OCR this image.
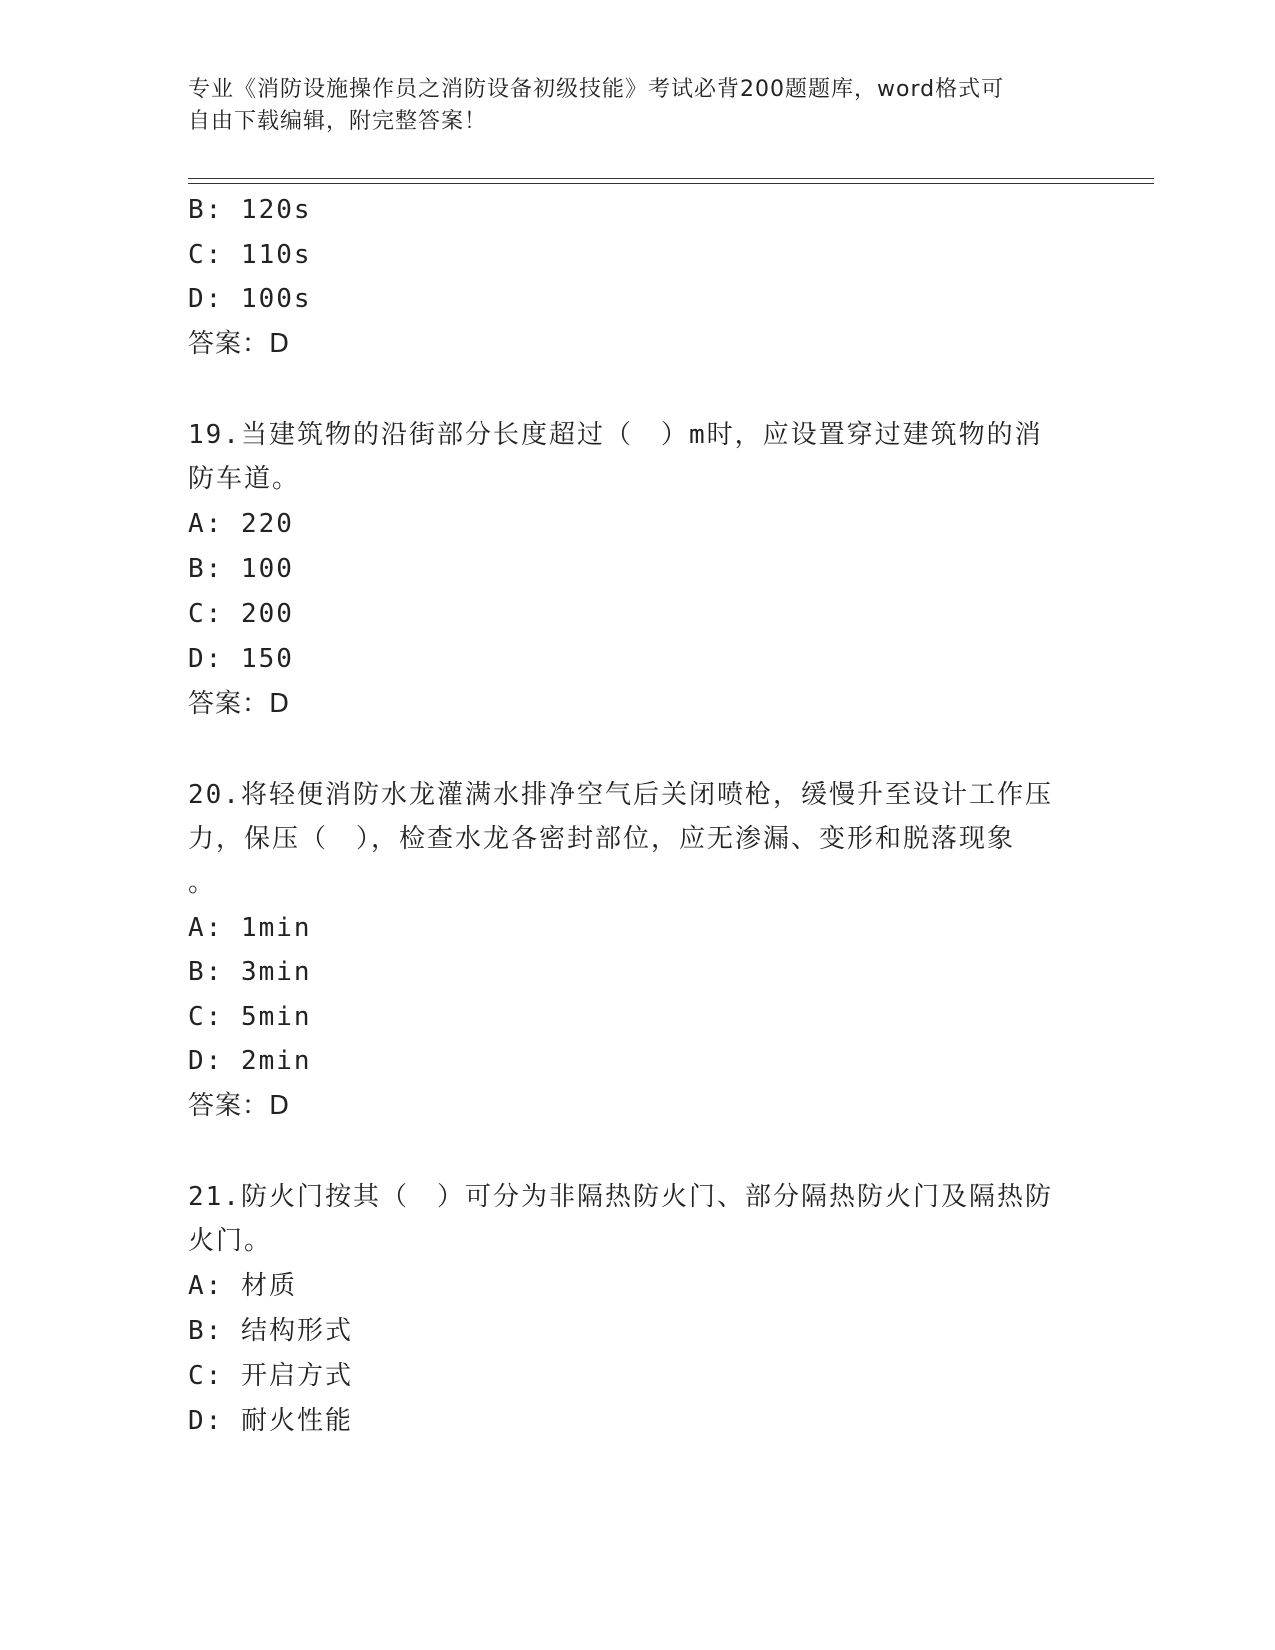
专业《消防设施操作员之消防设备初级技能》考试必背200题题库，word格式可
自由下载编辑，附完整答案！
B: 120s
C: 110s
D: 100s
答案：D
19.当建筑物的沿街部分长度超过（　）m时，应设置穿过建筑物的消
防车道。
A: 220
B: 100
C: 200
D: 150
答案：D
20.将轻便消防水龙灌满水排净空气后关闭喷枪，缓慢升至设计工作压
力，保压（　），检查水龙各密封部位，应无渗漏、变形和脱落现象
。
A: 1min
B: 3min
C: 5min
D: 2min
答案：D
21.防火门按其（　）可分为非隔热防火门、部分隔热防火门及隔热防
火门。
A: 材质
B: 结构形式
C: 开启方式
D: 耐火性能
